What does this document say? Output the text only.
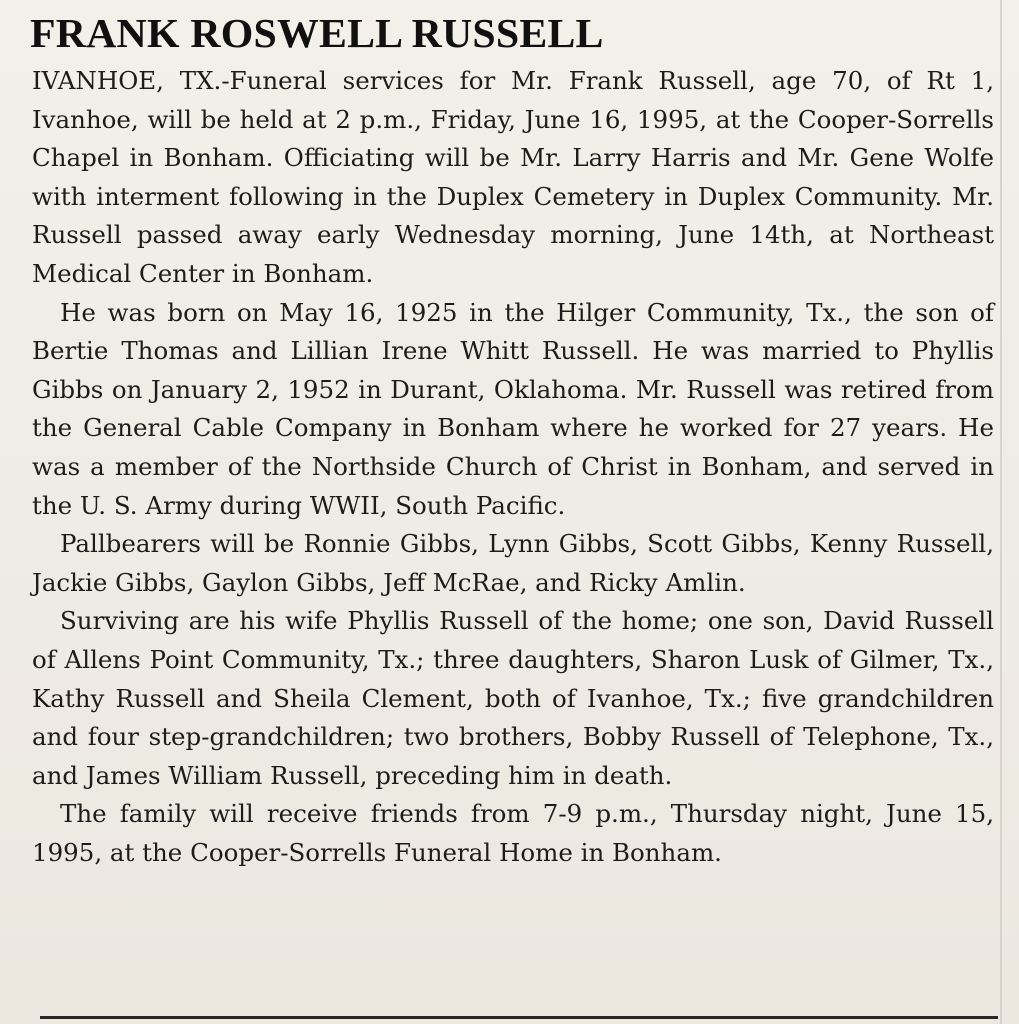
FRANK ROSWELL RUSSELL

IVANHOE, TX.-Funeral services for Mr. Frank Russell, age 70, of Rt 1, Ivanhoe, will be held at 2 p.m., Friday, June 16, 1995, at the Cooper-Sorrells Chapel in Bonham. Officiating will be Mr. Larry Harris and Mr. Gene Wolfe with interment following in the Duplex Cemetery in Duplex Community. Mr. Russell passed away early Wednesday morning, June 14th, at Northeast Medical Center in Bonham.

He was born on May 16, 1925 in the Hilger Community, Tx., the son of Bertie Thomas and Lillian Irene Whitt Russell. He was married to Phyllis Gibbs on January 2, 1952 in Durant, Oklahoma. Mr. Russell was retired from the General Cable Company in Bonham where he worked for 27 years. He was a member of the Northside Church of Christ in Bonham, and served in the U. S. Army during WWII, South Pacific.

Pallbearers will be Ronnie Gibbs, Lynn Gibbs, Scott Gibbs, Kenny Russell, Jackie Gibbs, Gaylon Gibbs, Jeff McRae, and Ricky Amlin.

Surviving are his wife Phyllis Russell of the home; one son, David Russell of Allens Point Community, Tx.; three daughters, Sharon Lusk of Gilmer, Tx., Kathy Russell and Sheila Clement, both of Ivanhoe, Tx.; five grandchildren and four step-grandchildren; two brothers, Bobby Russell of Telephone, Tx., and James William Russell, preceding him in death.

The family will receive friends from 7-9 p.m., Thursday night, June 15, 1995, at the Cooper-Sorrells Funeral Home in Bonham.
